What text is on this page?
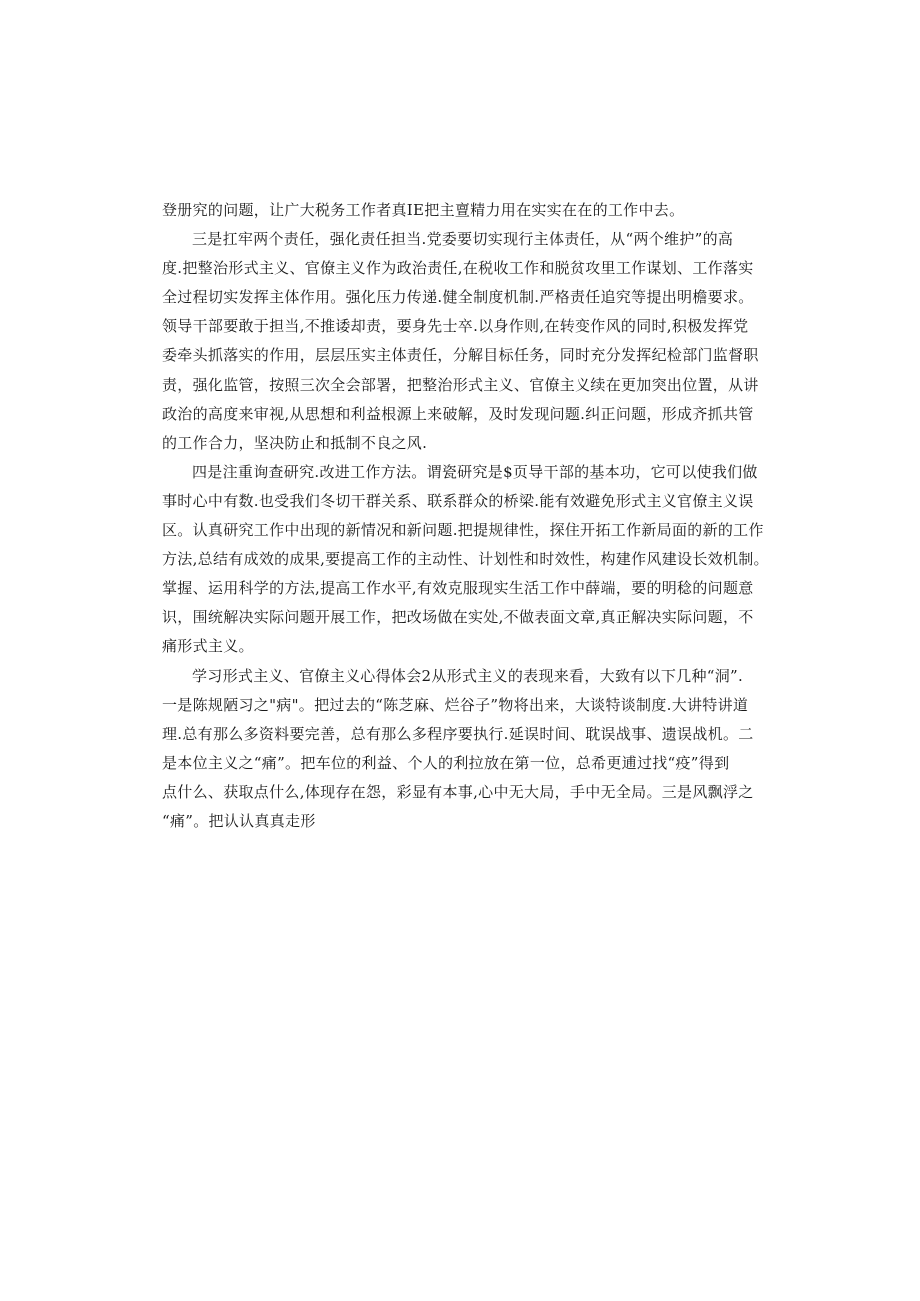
登册究的问题，让广大税务工作者真IE把主亶精力用在实实在在的工作中去。
三是扛牢两个责任，强化责任担当.党委要切实现行主体责任，从“两个维护”的高
度.把整治形式主义、官僚主义作为政治责任,在税收工作和脱贫攻里工作谋划、工作落实
全过程切实发挥主体作用。强化压力传递.健全制度机制.严格责任追究等提出明檐要求。
领导干部要敢于担当,不推诿却责，要身先士卒.以身作则,在转变作风的同时,积极发挥党
委牵头抓落实的作用，层层压实主体责任，分解目标任务，同时充分发挥纪检部门监督职
责，强化监管，按照三次全会部署，把整治形式主义、官僚主义续在更加突出位置，从讲
政治的高度来审视,从思想和利益根源上来破解，及时发现问题.纠正问题，形成齐抓共管
的工作合力，坚决防止和抵制不良之风.
四是注重询查研究.改进工作方法。谓瓷研究是$页导干部的基本功，它可以使我们做
事时心中有数.也受我们冬切干群关系、联系群众的桥梁.能有效避免形式主义官僚主义误
区。认真研究工作中出现的新情况和新问题.把提规律性，探住开拓工作新局面的新的工作
方法,总结有成效的成果,要提高工作的主动性、计划性和时效性，构建作风建设长效机制。
掌握、运用科学的方法,提高工作水平,有效克服现实生活工作中薛端，要的明稔的问题意
识，围统解决实际问题开展工作，把改场做在实处,不做表面文章,真正解决实际问题，不
痛形式主义。
学习形式主义、官僚主义心得体会2从形式主义的表现来看，大致有以下几种“洞”.
一是陈规陋习之"病"。把过去的“陈芝麻、烂谷子”物将出来，大谈特谈制度.大讲特讲道
理.总有那么多资料要完善，总有那么多程序要执行.延误时间、耽误战事、遗误战机。二
是本位主义之“痛”。把车位的利益、个人的利拉放在第一位，总希更逋过找“疫”得到
点什么、获取点什么,体现存在怨，彩显有本事,心中无大局，手中无全局。三是风飘浮之
“痛”。把认认真真走形
